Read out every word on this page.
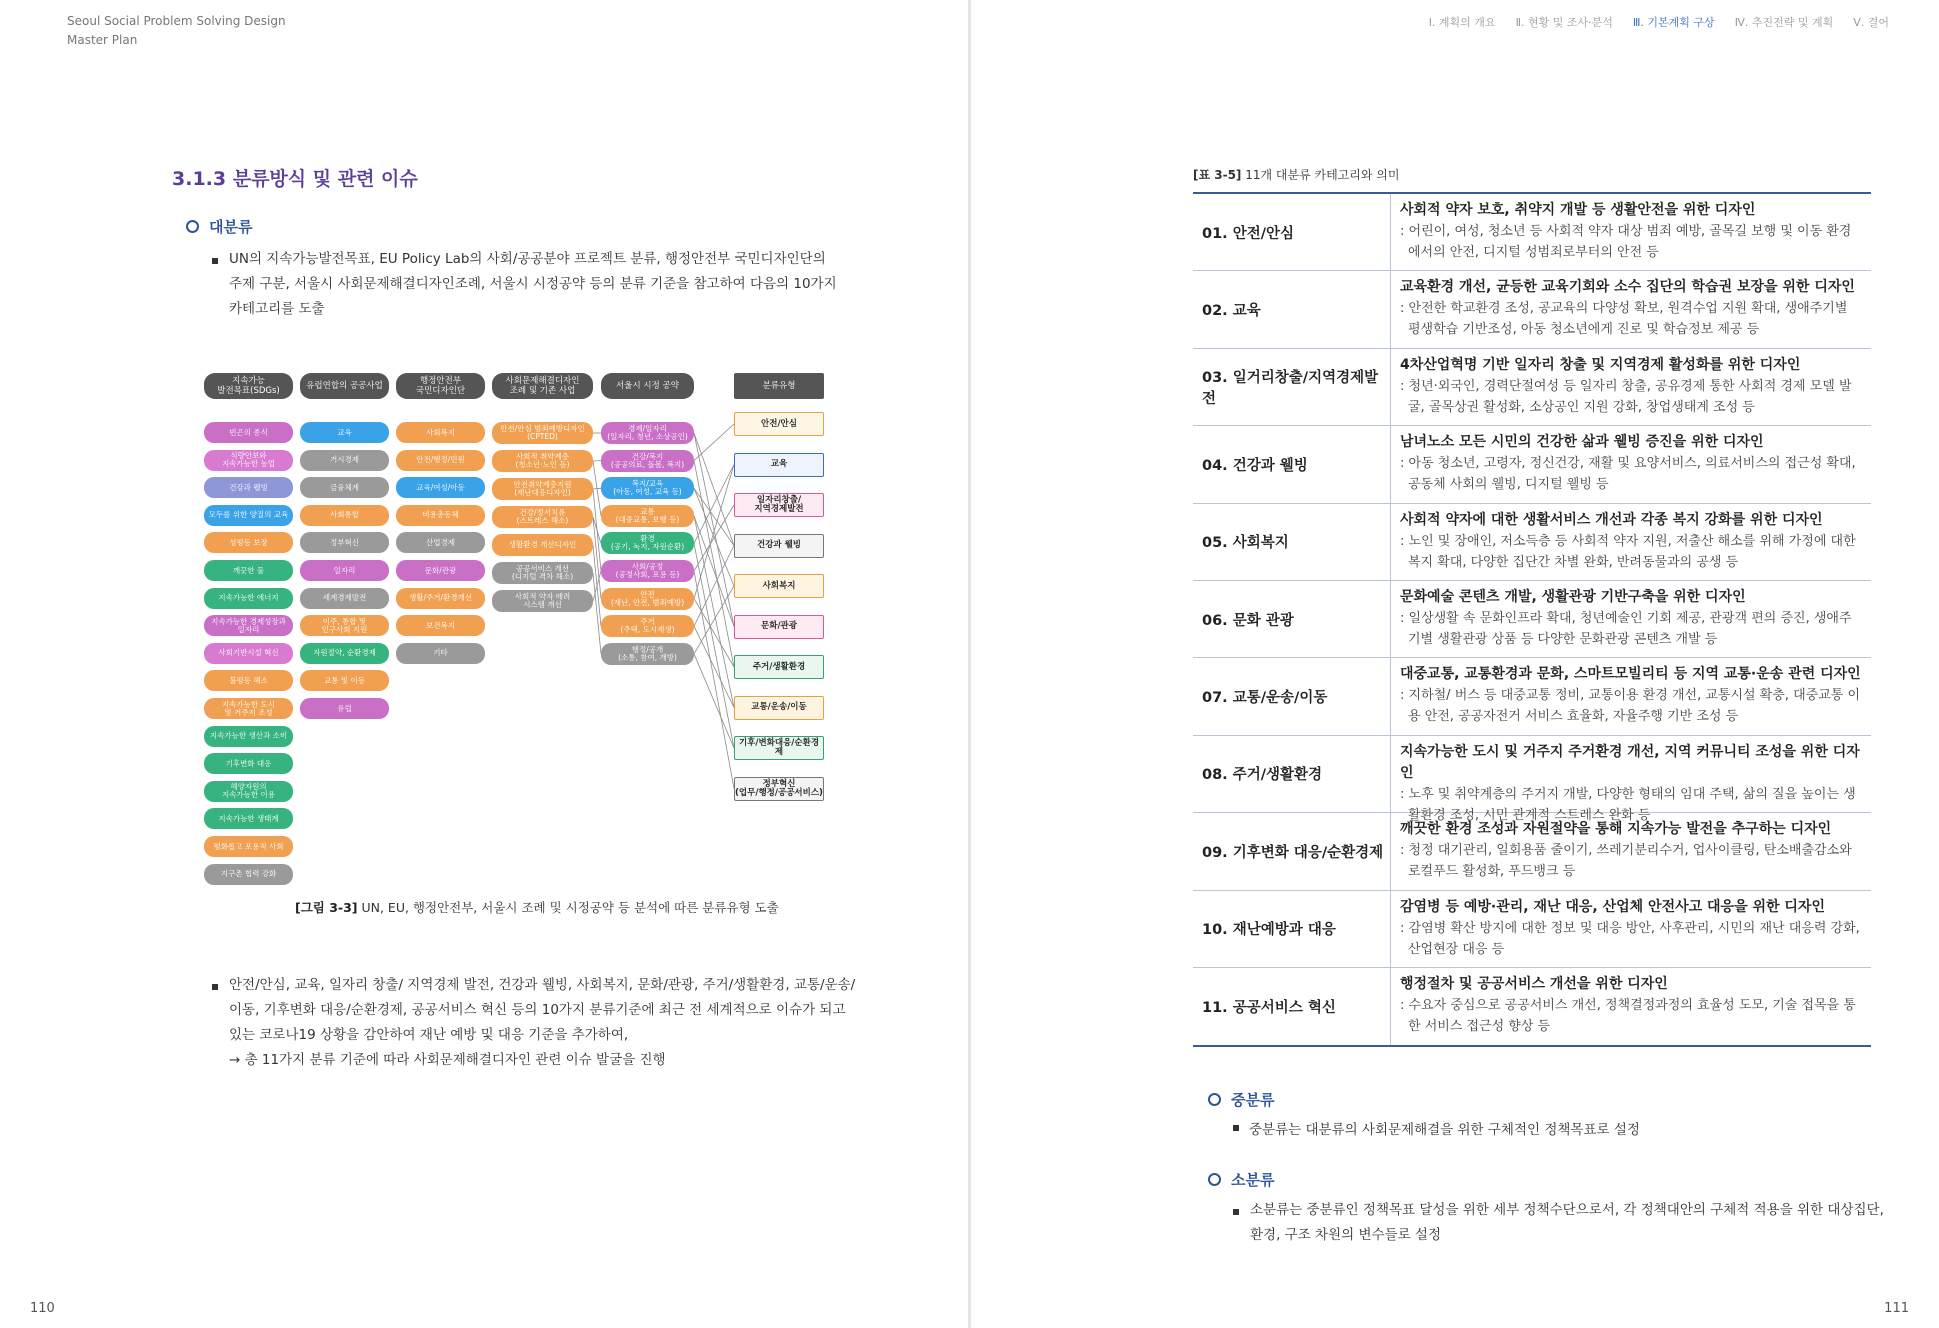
Seoul Social Problem Solving Design
Master Plan
3.1.3 분류방식 및 관련 이슈
대분류
UN의 지속가능발전목표, EU Policy Lab의 사회/공공분야 프로젝트 분류, 행정안전부 국민디자인단의
주제 구분, 서울시 사회문제해결디자인조례, 서울시 시정공약 등의 분류 기준을 참고하여 다음의 10가지
카테고리를 도출
지속가능
발전목표(SDGs)	유럽연합의 공공사업	행정안전부
국민디자인단
사회문제해결디자인
조례 및 기존 사업	서울시 시정 공약	분류유형
빈곤의 종식
식량안보와
지속가능한 농업
건강과 웰빙
모두를 위한 양질의 교육
성평등 보장
깨끗한 물
지속가능한 에너지
지속가능한 경제성장과 일자리
사회기반시설 혁신
불평등 해소
지속가능한 도시
및 거주지 조성
지속가능한 생산과 소비
기후변화 대응
해양자원의
지속가능한 이용
지속가능한 생태계
평화롭고 포용적 사회
지구촌 협력 강화
교육
거시경제
금융체계
사회통합
정부혁신
일자리
세계경제발전
이주, 통합 및
인구사회 지원
자원절약, 순환경제
교통 및 이동
유럽
사회복지
안전/행정/민원
교육/여성/아동
비용총동체
산업경제
문화/관광
생활/주거/환경개선
보건복지
기타
안전/안심 범죄예방디자인
(CPTED)
사회적 취약계층
(청소년·노인 등)
안전취약계층지원
(재난대응디자인)
건강/정서치유
(스트레스 해소)
생활환경 개선디자인
공공서비스 개선
(디지털 격차 해소)
사회적 약자 배려
시스템 개선
경제/일자리
(일자리, 청년, 소상공인)
건강/복지
(공공의료, 돌봄, 복지)
복지/교육
(아동, 여성, 교육 등)
교통
(대중교통, 보행 등)
환경
(공기, 녹지, 자원순환)
사회/공정
(공정사회, 포용 등)
안전
(재난, 안전, 범죄예방)
주거
(주택, 도시재생)
행정/공개
(소통, 참여, 개방)
안전/안심
교육
일자리창출/
지역경제발전
건강과 웰빙
사회복지
문화/관광
주거/생활환경
교통/운송/이동
기후/변화대응/순환경제
정부혁신
(업무/행정/공공서비스)
[그림 3-3] UN, EU, 행정안전부, 서울시 조례 및 시정공약 등 분석에 따른 분류유형 도출
안전/안심, 교육, 일자리 창출/ 지역경제 발전, 건강과 웰빙, 사회복지, 문화/관광, 주거/생활환경, 교통/운송/
이동, 기후변화 대응/순환경제, 공공서비스 혁신 등의 10가지 분류기준에 최근 전 세계적으로 이슈가 되고
있는 코로나19 상황을 감안하여 재난 예방 및 대응 기준을 추가하여,
→ 총 11가지 분류 기준에 따라 사회문제해결디자인 관련 이슈 발굴을 진행
110
Ⅰ. 계획의 개요 Ⅱ. 현황 및 조사·분석 Ⅲ. 기본계획 구상 Ⅳ. 추진전략 및 계획 Ⅴ. 결어
111
[표 3-5] 11개 대분류 카테고리와 의미
01. 안전/안심
사회적 약자 보호, 취약지 개발 등 생활안전을 위한 디자인
: 어린이, 여성, 청소년 등 사회적 약자 대상 범죄 예방, 골목길 보행 및 이동 환경에서의 안전, 디지털 성범죄로부터의 안전 등
02. 교육
교육환경 개선, 균등한 교육기회와 소수 집단의 학습권 보장을 위한 디자인
: 안전한 학교환경 조성, 공교육의 다양성 확보, 원격수업 지원 확대, 생애주기별 평생학습 기반조성, 아동 청소년에게 진로 및 학습정보 제공 등
03. 일거리창출/지역경제발전
4차산업혁명 기반 일자리 창출 및 지역경제 활성화를 위한 디자인
: 청년·외국인, 경력단절여성 등 일자리 창출, 공유경제 통한 사회적 경제 모델 발굴, 골목상권 활성화, 소상공인 지원 강화, 창업생태계 조성 등
04. 건강과 웰빙
남녀노소 모든 시민의 건강한 삶과 웰빙 증진을 위한 디자인
: 아동 청소년, 고령자, 정신건강, 재활 및 요양서비스, 의료서비스의 접근성 확대, 공동체 사회의 웰빙, 디지털 웰빙 등
05. 사회복지
사회적 약자에 대한 생활서비스 개선과 각종 복지 강화를 위한 디자인
: 노인 및 장애인, 저소득층 등 사회적 약자 지원, 저출산 해소를 위해 가정에 대한 복지 확대, 다양한 집단간 차별 완화, 반려동물과의 공생 등
06. 문화 관광
문화예술 콘텐츠 개발, 생활관광 기반구축을 위한 디자인
: 일상생활 속 문화인프라 확대, 청년예술인 기회 제공, 관광객 편의 증진, 생애주기별 생활관광 상품 등 다양한 문화관광 콘텐츠 개발 등
07. 교통/운송/이동
대중교통, 교통환경과 문화, 스마트모빌리티 등 지역 교통·운송 관련 디자인
: 지하철/ 버스 등 대중교통 정비, 교통이용 환경 개선, 교통시설 확충, 대중교통 이용 안전, 공공자전거 서비스 효율화, 자율주행 기반 조성 등
08. 주거/생활환경
지속가능한 도시 및 거주지 주거환경 개선, 지역 커뮤니티 조성을 위한 디자인
: 노후 및 취약계층의 주거지 개발, 다양한 형태의 임대 주택, 삶의 질을 높이는 생활환경 조성, 시민 관계적 스트레스 완화 등
09. 기후변화 대응/순환경제
깨끗한 환경 조성과 자원절약을 통해 지속가능 발전을 추구하는 디자인
: 청정 대기관리, 일회용품 줄이기, 쓰레기분리수거, 업사이클링, 탄소배출감소와 로컬푸드 활성화, 푸드뱅크 등
10. 재난예방과 대응
감염병 등 예방·관리, 재난 대응, 산업체 안전사고 대응을 위한 디자인
: 감염병 확산 방지에 대한 정보 및 대응 방안, 사후관리, 시민의 재난 대응력 강화, 산업현장 대응 등
11. 공공서비스 혁신
행정절차 및 공공서비스 개선을 위한 디자인
: 수요자 중심으로 공공서비스 개선, 정책결정과정의 효율성 도모, 기술 접목을 통한 서비스 접근성 향상 등
중분류
중분류는 대분류의 사회문제해결을 위한 구체적인 정책목표로 설정
소분류
소분류는 중분류인 정책목표 달성을 위한 세부 정책수단으로서, 각 정책대안의 구체적 적용을 위한 대상집단,
환경, 구조 차원의 변수들로 설정
